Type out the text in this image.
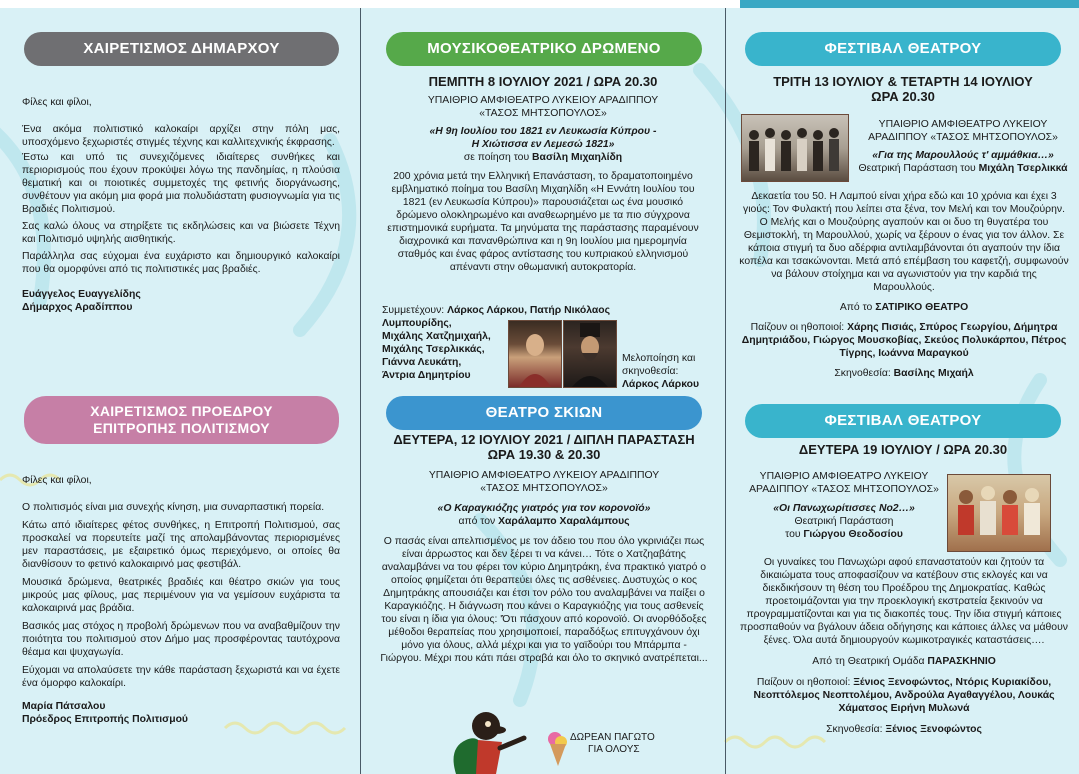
ΧΑΙΡΕΤΙΣΜΟΣ ΔΗΜΑΡΧΟΥ

Φίλες και φίλοι,

Ένα ακόμα πολιτιστικό καλοκαίρι αρχίζει στην πόλη μας, υποσχόμενο ξεχωριστές στιγμές τέχνης και καλλιτεχνικής έκφρασης.

Έστω και υπό τις συνεχιζόμενες ιδιαίτερες συνθήκες και περιορισμούς που έχουν προκύψει λόγω της πανδημίας, η πλούσια θεματική και οι ποιοτικές συμμετοχές της φετινής διοργάνωσης, συνθέτουν για ακόμη μια φορά μια πολυδιάστατη φυσιογνωμία για τις Βραδιές Πολιτισμού.

Σας καλώ όλους να στηρίξετε τις εκδηλώσεις και να βιώσετε Τέχνη και Πολιτισμό υψηλής αισθητικής.

Παράλληλα σας εύχομαι ένα ευχάριστο και δημιουργικό καλοκαίρι που θα ομορφύνει από τις πολιτιστικές μας βραδιές.

Ευάγγελος Ευαγγελίδης

Δήμαρχος Αραδίππου

ΧΑΙΡΕΤΙΣΜΟΣ ΠΡΟΕΔΡΟΥ
ΕΠΙΤΡΟΠΗΣ ΠΟΛΙΤΙΣΜΟΥ

Φίλες και φίλοι,

Ο πολιτισμός είναι μια συνεχής κίνηση, μια συναρπαστική πορεία.

Κάτω από ιδιαίτερες φέτος συνθήκες, η Επιτροπή Πολιτισμού, σας προσκαλεί να πορευτείτε μαζί της απολαμβάνοντας περιορισμένες μεν παραστάσεις, με εξαιρετικό όμως περιεχόμενο, οι οποίες θα διανθίσουν το φετινό καλοκαιρινό μας φεστιβάλ.

Μουσικά δρώμενα, θεατρικές βραδιές και θέατρο σκιών για τους μικρούς μας φίλους, μας περιμένουν για να γεμίσουν ευχάριστα τα καλοκαιρινά μας βράδια.

Βασικός μας στόχος η προβολή δρώμενων που να αναβαθμίζουν την ποιότητα του πολιτισμού στον Δήμο μας προσφέροντας ταυτόχρονα θέαμα και ψυχαγωγία.

Εύχομαι να απολαύσετε την κάθε παράσταση ξεχωριστά και να έχετε ένα όμορφο καλοκαίρι.

Μαρία Πάτσαλου

Πρόεδρος Επιτροπής Πολιτισμού

ΜΟΥΣΙΚΟΘΕΑΤΡΙΚΟ ΔΡΩΜΕΝΟ

ΠΕΜΠΤΗ 8 ΙΟΥΛΙΟΥ 2021 / ΩΡΑ 20.30

ΥΠΑΙΘΡΙΟ ΑΜΦΙΘΕΑΤΡΟ ΛΥΚΕΙΟΥ ΑΡΑΔΙΠΠΟΥ

«ΤΑΣΟΣ ΜΗΤΣΟΠΟΥΛΟΣ»

«Η 9η Ιουλίου του 1821 εν Λευκωσία Κύπρου -

Η Χιώτισσα εν Λεμεσώ 1821»

σε ποίηση του Βασίλη Μιχαηλίδη

200 χρόνια μετά την Ελληνική Επανάσταση, το δραματοποιημένο εμβληματικό ποίημα του Βασίλη Μιχαηλίδη «Η Εννάτη Ιουλίου του 1821 (εν Λευκωσία Κύπρου)» παρουσιάζεται ως ένα μουσικό δρώμενο ολοκληρωμένο και αναθεωρημένο με τα πιο σύγχρονα επιστημονικά ευρήματα. Τα μηνύματα της παράστασης παραμένουν διαχρονικά και πανανθρώπινα και η 9η Ιουλίου μια ημερομηνία σταθμός και ένας φάρος αντίστασης του κυπριακού ελληνισμού απέναντι στην οθωμανική αυτοκρατορία.

Συμμετέχουν: Λάρκος Λάρκου, Πατήρ Νικόλαος Λυμπουρίδης,

Μιχάλης Χατζημιχαήλ,

Μιχάλης Τσερλικκάς,

Γιάννα Λευκάτη,

Άντρια Δημητρίου

Μελοποίηση και

σκηνοθεσία:

Λάρκος Λάρκου

ΘΕΑΤΡΟ ΣΚΙΩΝ

ΔΕΥΤΕΡΑ, 12 ΙΟΥΛΙΟΥ 2021 / ΔΙΠΛΗ ΠΑΡΑΣΤΑΣΗ

ΩΡΑ 19.30 & 20.30

ΥΠΑΙΘΡΙΟ ΑΜΦΙΘΕΑΤΡΟ ΛΥΚΕΙΟΥ ΑΡΑΔΙΠΠΟΥ

«ΤΑΣΟΣ ΜΗΤΣΟΠΟΥΛΟΣ»

«Ο Καραγκιόζης γιατρός για τον κορονοϊό»

από τον Χαράλαμπο Χαραλάμπους

Ο πασάς είναι απελπισμένος με τον άδειο του που όλο γκρινιάζει πως είναι άρρωστος και δεν ξέρει τι να κάνει… Τότε ο Χατζηαβάτης αναλαμβάνει να του φέρει τον κύριο Δημητράκη, ένα πρακτικό γιατρό ο οποίος φημίζεται ότι θεραπεύει όλες τις ασθένειες. Δυστυχώς ο κος Δημητράκης απουσιάζει και έτσι τον ρόλο του αναλαμβάνει να παίξει ο Καραγκιόζης. Η διάγνωση που κάνει ο Καραγκιόζης για τους ασθενείς του είναι η ίδια για όλους: 'Ότι πάσχουν από κορονοϊό. Οι ανορθόδοξες μέθοδοι θεραπείας που χρησιμοποιεί, παραδόξως επιτυγχάνουν όχι μόνο για όλους, αλλά μέχρι και για το γαϊδούρι του Μπάρμπα - Γιώργου. Μέχρι που κάτι πάει στραβά και όλο το σκηνικό ανατρέπεται...

ΔΩΡΕΑΝ ΠΑΓΩΤΟ

ΓΙΑ ΟΛΟΥΣ

ΦΕΣΤΙΒΑΛ ΘΕΑΤΡΟΥ

ΤΡΙΤΗ 13 ΙΟΥΛΙΟΥ & ΤΕΤΑΡΤΗ 14 ΙΟΥΛΙΟΥ

ΩΡΑ 20.30

ΥΠΑΙΘΡΙΟ ΑΜΦΙΘΕΑΤΡΟ ΛΥΚΕΙΟΥ

ΑΡΑΔΙΠΠΟΥ «ΤΑΣΟΣ ΜΗΤΣΟΠΟΥΛΟΣ»

«Για της Μαρουλλούς τ' αμμάθκια…»

Θεατρική Παράσταση του Μιχάλη Τσερλικκά

Δεκαετία του 50. Η Λαμπού είναι χήρα εδώ και 10 χρόνια και έχει 3 γιούς: Τον Φυλακτή που λείπει στα ξένα, τον Μελή και τον Μουζούρην. Ο Μελής και ο Μουζούρης αγαπούν και οι δυο τη θυγατέρα του Θεμιστοκλή, τη Μαρουλλού, χωρίς να ξέρουν ο ένας για τον άλλον. Σε κάποια στιγμή τα δυο αδέρφια αντιλαμβάνονται ότι αγαπούν την ίδια κοπέλα και τσακώνονται. Μετά από επέμβαση του καφετζή, συμφωνούν να βάλουν στοίχημα και να αγωνιστούν για την καρδιά της Μαρουλλούς.

Από το ΣΑΤΙΡΙΚΟ ΘΕΑΤΡΟ

Παίζουν οι ηθοποιοί: Χάρης Πισιάς, Σπύρος Γεωργίου, Δήμητρα Δημητριάδου, Γιώργος Μουσκοβίας, Σκεύος Πολυκάρπου, Πέτρος Τίγρης, Ιωάννα Μαραγκού

Σκηνοθεσία: Βασίλης Μιχαήλ

ΦΕΣΤΙΒΑΛ ΘΕΑΤΡΟΥ

ΔΕΥΤΕΡΑ 19 ΙΟΥΛΙΟΥ / ΩΡΑ 20.30

ΥΠΑΙΘΡΙΟ ΑΜΦΙΘΕΑΤΡΟ ΛΥΚΕΙΟΥ

ΑΡΑΔΙΠΠΟΥ «ΤΑΣΟΣ ΜΗΤΣΟΠΟΥΛΟΣ»

«Οι Πανωχωρίτισσες Νο2…»

Θεατρική Παράσταση

του Γιώργου Θεοδοσίου

Οι γυναίκες του Πανωχώρι αφού επαναστατούν και ζητούν τα δικαιώματα τους αποφασίζουν να κατέβουν στις εκλογές και να διεκδικήσουν τη θέση του Προέδρου της Δημοκρατίας. Καθώς προετοιμάζονται για την προεκλογική εκστρατεία ξεκινούν να προγραμματίζονται και για τις διακοπές τους. Την ίδια στιγμή κάποιες προσπαθούν να βγάλουν άδεια οδήγησης και κάποιες άλλες να μάθουν ξένες. Όλα αυτά δημιουργούν κωμικοτραγικές καταστάσεις….

Από τη Θεατρική Ομάδα ΠΑΡΑΣΚΗΝΙΟ

Παίζουν οι ηθοποιοί: Ξένιος Ξενοφώντος, Ντόρις Κυριακίδου, Νεοπτόλεμος Νεοπτολέμου, Ανδρούλα Αγαθαγγέλου, Λουκάς Χάματσος Ειρήνη Μυλωνά

Σκηνοθεσία: Ξένιος Ξενοφώντος
